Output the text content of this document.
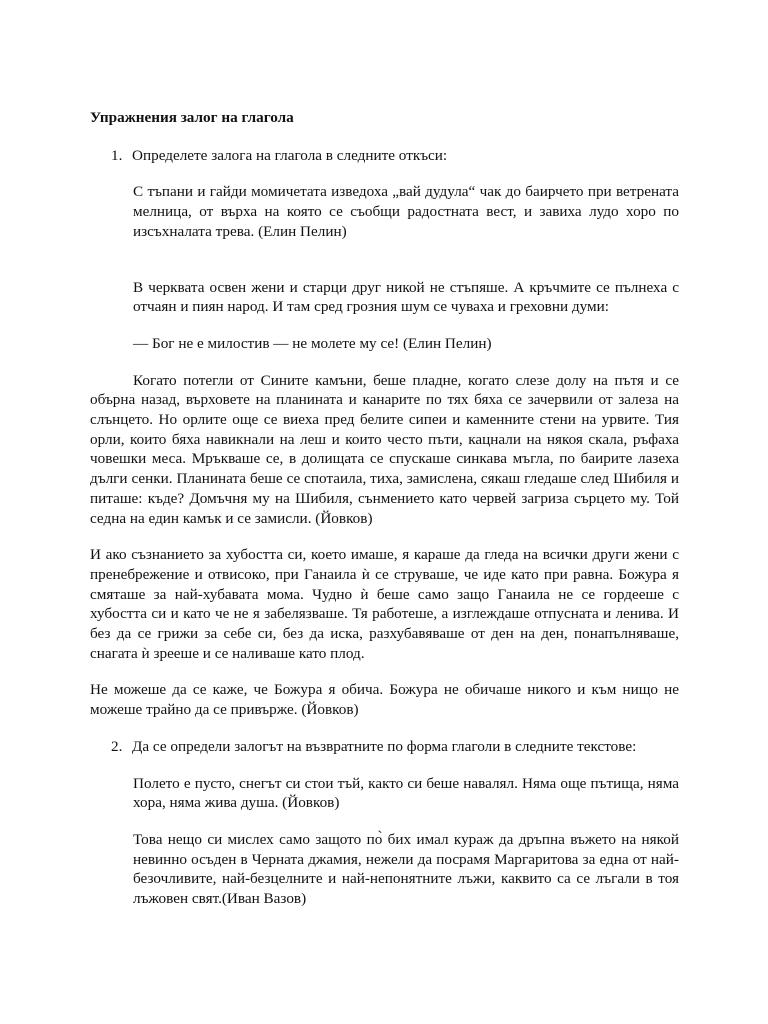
Упражнения залог на глагола
1. Определете залога на глагола в следните откъси:

С тъпани и гайди момичетата изведоха „вай дудула“ чак до баирчето при ветрената мелница, от върха на която се съобщи радостната вест, и завиха лудо хоро по изсъхналата трева. (Елин Пелин)

В черквата освен жени и старци друг никой не стъпяше. А кръчмите се пълнеха с отчаян и пиян народ. И там сред грозния шум се чуваха и греховни думи:

— Бог не е милостив — не молете му се! (Елин Пелин)

Когато потегли от Сините камъни, беше пладне, когато слезе долу на пътя и се обърна назад, върховете на планината и канарите по тях бяха се зачервили от залеза на слънцето. Но орлите още се виеха пред белите сипеи и каменните стени на урвите. Тия орли, които бяха навикнали на леш и които често пъти, кацнали на някоя скала, ръфаха човешки меса. Мръкваше се, в долищата се спускаше синкава мъгла, по баирите лазеха дълги сенки. Планината беше се спотаила, тиха, замислена, сякаш гледаше след Шибиля и питаше: къде? Домъчня му на Шибиля, сънмението като червей загриза сърцето му. Той седна на един камък и се замисли. (Йовков)

И ако съзнанието за хубостта си, което имаше, я караше да гледа на всички други жени с пренебрежение и отвисоко, при Ганаила ѝ се струваше, че иде като при равна. Божура я смяташе за най-хубавата мома. Чудно ѝ беше само защо Ганаила не се гордееше с хубостта си и като че не я забелязваше. Тя работеше, а изглеждаше отпусната и ленива. И без да се грижи за себе си, без да иска, разхубавяваше от ден на ден, понапълняваше, снагата ѝ зрееше и се наливаше като плод.

Не можеше да се каже, че Божура я обича. Божура не обичаше никого и към нищо не можеше трайно да се привърже. (Йовков)

2. Да се определи залогът на възвратните по форма глаголи в следните текстове:

Полето е пусто, снегът си стои тъй, както си беше навалял. Няма още пътища, няма хора, няма жива душа. (Йовков)

Това нещо си мислех само защото по̀ бих имал кураж да дръпна въжето на някой невинно осъден в Черната джамия, нежели да посрамя Маргаритова за една от най-безочливите, най-безцелните и най-непонятните лъжи, каквито са се лъгали в тоя лъжовен свят.(Иван Вазов)
